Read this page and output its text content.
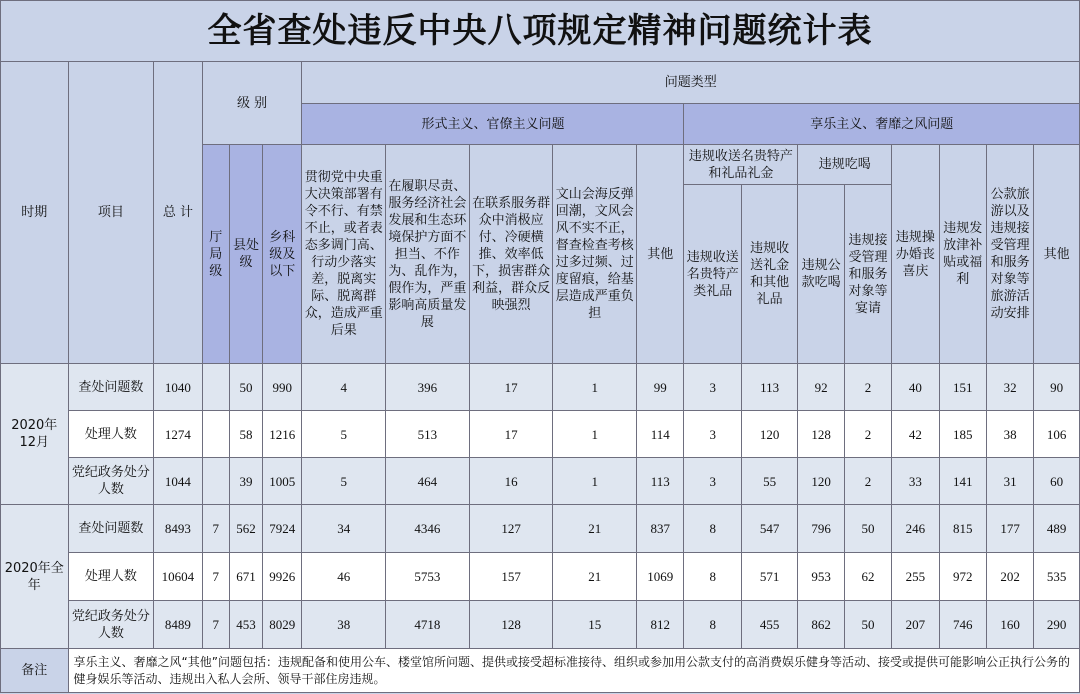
全省查处违反中央八项规定精神问题统计表																		
时期	项目	总 计	级 别			问题类型												
						形式主义、官僚主义问题					享乐主义、奢靡之风问题							
			厅局级	县处级	乡科级及以下	贯彻党中央重大决策部署有令不行、有禁不止，或者表态多调门高、行动少落实差，脱离实际、脱离群众，造成严重后果	在履职尽责、服务经济社会发展和生态环境保护方面不担当、不作为、乱作为，假作为，严重影响高质量发展	在联系服务群众中消极应付、冷硬横推、效率低下，损害群众利益，群众反映强烈	文山会海反弹回潮，文风会风不实不正，督查检查考核过多过频、过度留痕，给基层造成严重负担	其他	违规收送名贵特产和礼品礼金		违规吃喝		违规操办婚丧喜庆	违规发放津补贴或福利	公款旅游以及违规接受管理和服务对象等旅游活动安排	其他
											违规收送名贵特产类礼品	违规收送礼金和其他礼品	违规公款吃喝	违规接受管理和服务对象等宴请				
2020年12月	查处问题数	1040		50	990	4	396	17	1	99	3	113	92	2	40	151	32	90
	处理人数	1274		58	1216	5	513	17	1	114	3	120	128	2	42	185	38	106
	党纪政务处分人数	1044		39	1005	5	464	16	1	113	3	55	120	2	33	141	31	60
2020年全年	查处问题数	8493	7	562	7924	34	4346	127	21	837	8	547	796	50	246	815	177	489
	处理人数	10604	7	671	9926	46	5753	157	21	1069	8	571	953	62	255	972	202	535
	党纪政务处分人数	8489	7	453	8029	38	4718	128	15	812	8	455	862	50	207	746	160	290
备注	享乐主义、奢靡之风“其他”问题包括：违规配备和使用公车、楼堂馆所问题、提供或接受超标准接待、组织或参加用公款支付的高消费娱乐健身等活动、接受或提供可能影响公正执行公务的健身娱乐等活动、违规出入私人会所、领导干部住房违规。																	
